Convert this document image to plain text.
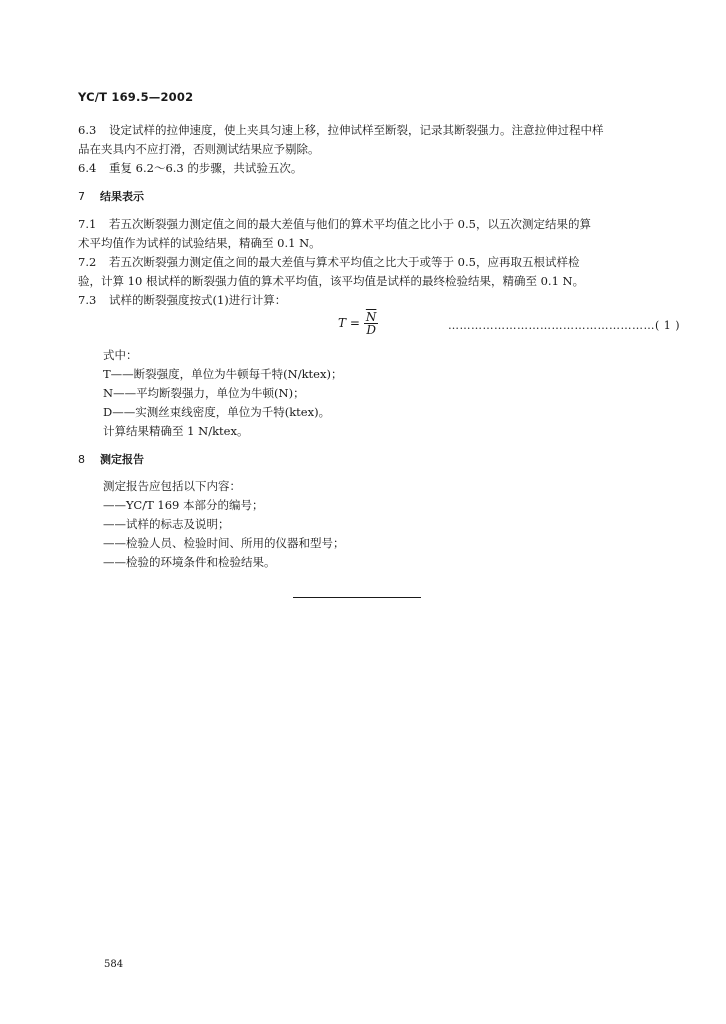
YC/T 169.5—2002
6.3 设定试样的拉伸速度，使上夹具匀速上移，拉伸试样至断裂，记录其断裂强力。注意拉伸过程中样
品在夹具内不应打滑，否则测试结果应予剔除。
6.4 重复 6.2～6.3 的步骤，共试验五次。
7 结果表示
7.1 若五次断裂强力测定值之间的最大差值与他们的算术平均值之比小于 0.5，以五次测定结果的算
术平均值作为试样的试验结果，精确至 0.1 N。
7.2 若五次断裂强力测定值之间的最大差值与算术平均值之比大于或等于 0.5，应再取五根试样检
验，计算 10 根试样的断裂强力值的算术平均值，该平均值是试样的最终检验结果，精确至 0.1 N。
7.3 试样的断裂强度按式(1)进行计算：
$T = \frac{\overline{N}}{D}$	………………………………………………( 1 )
式中：
T——断裂强度，单位为牛顿每千特(N/ktex)；
N——平均断裂强力，单位为牛顿(N)；
D——实测丝束线密度，单位为千特(ktex)。
计算结果精确至 1 N/ktex。
8 测定报告
测定报告应包括以下内容：
——YC/T 169 本部分的编号；
——试样的标志及说明；
——检验人员、检验时间、所用的仪器和型号；
——检验的环境条件和检验结果。
584
